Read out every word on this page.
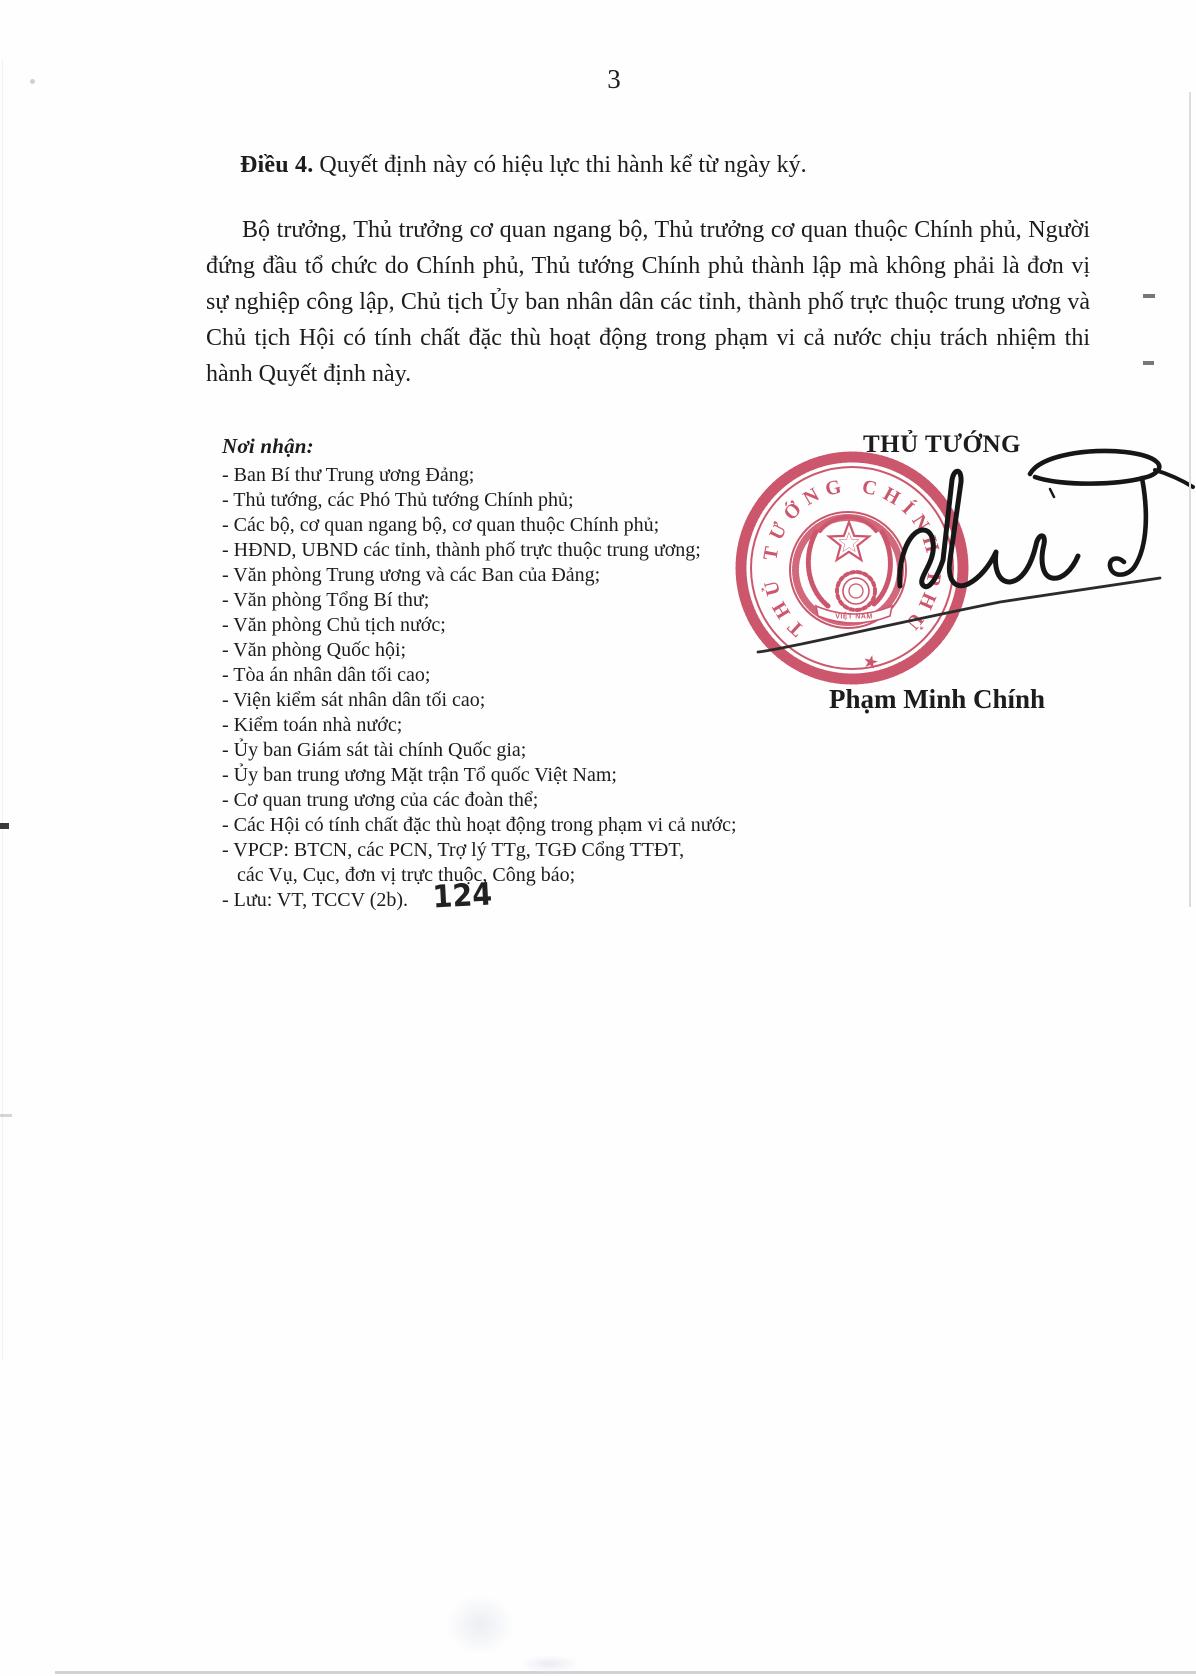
3

Điều 4. Quyết định này có hiệu lực thi hành kể từ ngày ký.

Bộ trưởng, Thủ trưởng cơ quan ngang bộ, Thủ trưởng cơ quan thuộc Chính phủ, Người đứng đầu tổ chức do Chính phủ, Thủ tướng Chính phủ thành lập mà không phải là đơn vị sự nghiệp công lập, Chủ tịch Ủy ban nhân dân các tỉnh, thành phố trực thuộc trung ương và Chủ tịch Hội có tính chất đặc thù hoạt động trong phạm vi cả nước chịu trách nhiệm thi hành Quyết định này.

Nơi nhận:
- Ban Bí thư Trung ương Đảng;
- Thủ tướng, các Phó Thủ tướng Chính phủ;
- Các bộ, cơ quan ngang bộ, cơ quan thuộc Chính phủ;
- HĐND, UBND các tỉnh, thành phố trực thuộc trung ương;
- Văn phòng Trung ương và các Ban của Đảng;
- Văn phòng Tổng Bí thư;
- Văn phòng Chủ tịch nước;
- Văn phòng Quốc hội;
- Tòa án nhân dân tối cao;
- Viện kiểm sát nhân dân tối cao;
- Kiểm toán nhà nước;
- Ủy ban Giám sát tài chính Quốc gia;
- Ủy ban trung ương Mặt trận Tổ quốc Việt Nam;
- Cơ quan trung ương của các đoàn thể;
- Các Hội có tính chất đặc thù hoạt động trong phạm vi cả nước;
- VPCP: BTCN, các PCN, Trợ lý TTg, TGĐ Cổng TTĐT,
các Vụ, Cục, đơn vị trực thuộc, Công báo;
- Lưu: VT, TCCV (2b). 124
THỦ TƯỚNG
VIỆT NAM
THỦ TƯỚNG CHÍNH PHỦ
★
Phạm Minh Chính
